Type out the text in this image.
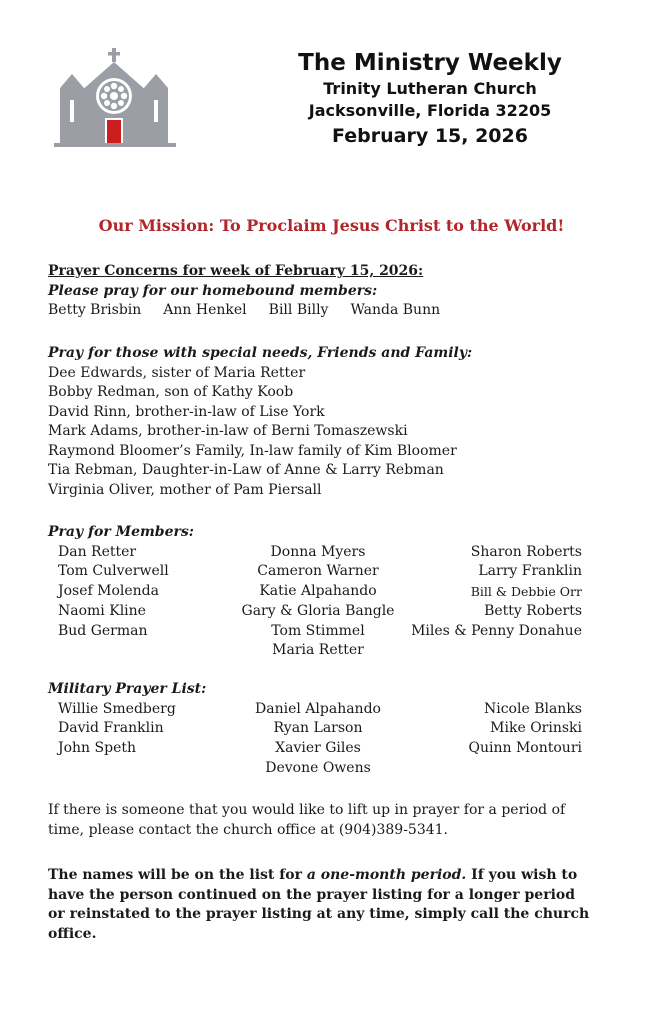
The Ministry Weekly
Trinity Lutheran Church
Jacksonville, Florida 32205
February 15, 2026
Our Mission: To Proclaim Jesus Christ to the World!
Prayer Concerns for week of February 15, 2026:
Please pray for our homebound members:
Betty Brisbin Ann Henkel Bill Billy Wanda Bunn
Pray for those with special needs, Friends and Family:
Dee Edwards, sister of Maria Retter
Bobby Redman, son of Kathy Koob
David Rinn, brother-in-law of Lise York
Mark Adams, brother-in-law of Berni Tomaszewski
Raymond Bloomer’s Family, In-law family of Kim Bloomer
Tia Rebman, Daughter-in-Law of Anne & Larry Rebman
Virginia Oliver, mother of Pam Piersall
Pray for Members:
Dan Retter
Tom Culverwell
Josef Molenda
Naomi Kline
Bud German
Donna Myers
Cameron Warner
Katie Alpahando
Gary & Gloria Bangle
Tom Stimmel
Maria Retter
Sharon Roberts
Larry Franklin
Bill & Debbie Orr
Betty Roberts
Miles & Penny Donahue
Military Prayer List:
Willie Smedberg
David Franklin
John Speth
Daniel Alpahando
Ryan Larson
Xavier Giles
Devone Owens
Nicole Blanks
Mike Orinski
Quinn Montouri

If there is someone that you would like to lift up in prayer for a period of time, please contact the church office at (904)389-5341.

The names will be on the list for a one-month period. If you wish to have the person continued on the prayer listing for a longer period or reinstated to the prayer listing at any time, simply call the church office.
